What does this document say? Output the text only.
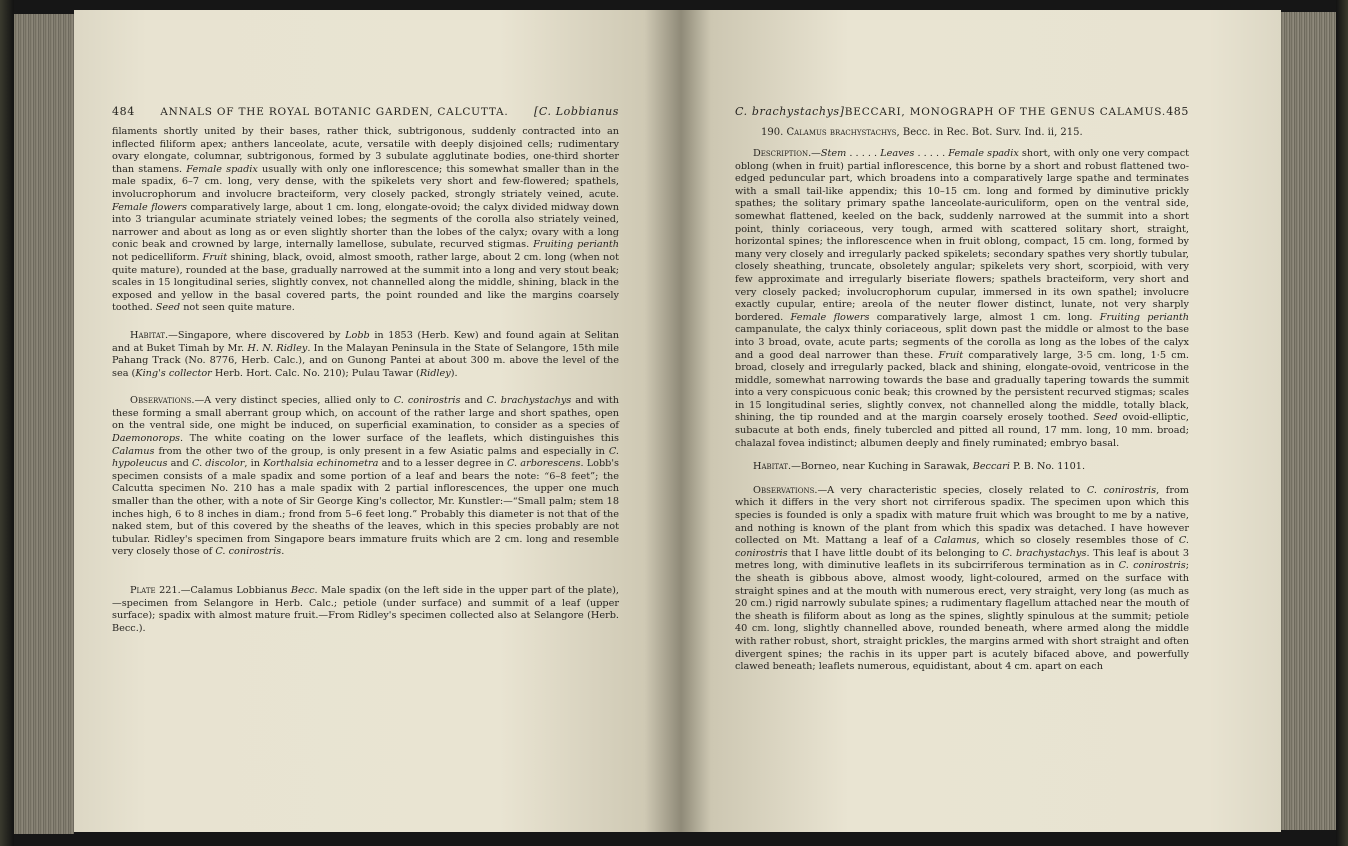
484 ANNALS OF THE ROYAL BOTANIC GARDEN, CALCUTTA. [C. Lobbianus

filaments shortly united by their bases, rather thick, subtrigonous, suddenly contracted into an inflected filiform apex; anthers lanceolate, acute, versatile with deeply disjoined cells; rudimentary ovary elongate, columnar, subtrigonous, formed by 3 subulate agglutinate bodies, one-third shorter than stamens. Female spadix usually with only one inflorescence; this somewhat smaller than in the male spadix, 6–7 cm. long, very dense, with the spikelets very short and few-flowered; spathels, involucrophorum and involucre bracteiform, very closely packed, strongly striately veined, acute. Female flowers comparatively large, about 1 cm. long, elongate-ovoid; the calyx divided midway down into 3 triangular acuminate striately veined lobes; the segments of the corolla also striately veined, narrower and about as long as or even slightly shorter than the lobes of the calyx; ovary with a long conic beak and crowned by large, internally lamellose, subulate, recurved stigmas. Fruiting perianth not pedicelliform. Fruit shining, black, ovoid, almost smooth, rather large, about 2 cm. long (when not quite mature), rounded at the base, gradually narrowed at the summit into a long and very stout beak; scales in 15 longitudinal series, slightly convex, not channelled along the middle, shining, black in the exposed and yellow in the basal covered parts, the point rounded and like the margins coarsely toothed. Seed not seen quite mature.

Habitat.—Singapore, where discovered by Lobb in 1853 (Herb. Kew) and found again at Selitan and at Buket Timah by Mr. H. N. Ridley. In the Malayan Peninsula in the State of Selangore, 15th mile Pahang Track (No. 8776, Herb. Calc.), and on Gunong Pantei at about 300 m. above the level of the sea (King's collector Herb. Hort. Calc. No. 210); Pulau Tawar (Ridley).

Observations.—A very distinct species, allied only to C. conirostris and C. brachystachys and with these forming a small aberrant group which, on account of the rather large and short spathes, open on the ventral side, one might be induced, on superficial examination, to consider as a species of Daemonorops. The white coating on the lower surface of the leaflets, which distinguishes this Calamus from the other two of the group, is only present in a few Asiatic palms and especially in C. hypoleucus and C. discolor, in Korthalsia echinometra and to a lesser degree in C. arborescens. Lobb's specimen consists of a male spadix and some portion of a leaf and bears the note: “6–8 feet”; the Calcutta specimen No. 210 has a male spadix with 2 partial inflorescences, the upper one much smaller than the other, with a note of Sir George King's collector, Mr. Kunstler:—“Small palm; stem 18 inches high, 6 to 8 inches in diam.; frond from 5–6 feet long.” Probably this diameter is not that of the naked stem, but of this covered by the sheaths of the leaves, which in this species probably are not tubular. Ridley's specimen from Singapore bears immature fruits which are 2 cm. long and resemble very closely those of C. conirostris.

Plate 221.—Calamus Lobbianus Becc. Male spadix (on the left side in the upper part of the plate),—specimen from Selangore in Herb. Calc.; petiole (under surface) and summit of a leaf (upper surface); spadix with almost mature fruit.—From Ridley's specimen collected also at Selangore (Herb. Becc.).

C. brachystachys] BECCARI, MONOGRAPH OF THE GENUS CALAMUS. 485
190. Calamus brachystachys, Becc. in Rec. Bot. Surv. Ind. ii, 215.

Description.—Stem . . . . . Leaves . . . . . Female spadix short, with only one very compact oblong (when in fruit) partial inflorescence, this borne by a short and robust flattened two-edged peduncular part, which broadens into a comparatively large spathe and terminates with a small tail-like appendix; this 10–15 cm. long and formed by diminutive prickly spathes; the solitary primary spathe lanceolate-auriculiform, open on the ventral side, somewhat flattened, keeled on the back, suddenly narrowed at the summit into a short point, thinly coriaceous, very tough, armed with scattered solitary short, straight, horizontal spines; the inflorescence when in fruit oblong, compact, 15 cm. long, formed by many very closely and irregularly packed spikelets; secondary spathes very shortly tubular, closely sheathing, truncate, obsoletely angular; spikelets very short, scorpioid, with very few approximate and irregularly biseriate flowers; spathels bracteiform, very short and very closely packed; involucrophorum cupular, immersed in its own spathel; involucre exactly cupular, entire; areola of the neuter flower distinct, lunate, not very sharply bordered. Female flowers comparatively large, almost 1 cm. long. Fruiting perianth campanulate, the calyx thinly coriaceous, split down past the middle or almost to the base into 3 broad, ovate, acute parts; segments of the corolla as long as the lobes of the calyx and a good deal narrower than these. Fruit comparatively large, 3·5 cm. long, 1·5 cm. broad, closely and irregularly packed, black and shining, elongate-ovoid, ventricose in the middle, somewhat narrowing towards the base and gradually tapering towards the summit into a very conspicuous conic beak; this crowned by the persistent recurved stigmas; scales in 15 longitudinal series, slightly convex, not channelled along the middle, totally black, shining, the tip rounded and at the margin coarsely erosely toothed. Seed ovoid-elliptic, subacute at both ends, finely tubercled and pitted all round, 17 mm. long, 10 mm. broad; chalazal fovea indistinct; albumen deeply and finely ruminated; embryo basal.

Habitat.—Borneo, near Kuching in Sarawak, Beccari P. B. No. 1101.

Observations.—A very characteristic species, closely related to C. conirostris, from which it differs in the very short not cirriferous spadix. The specimen upon which this species is founded is only a spadix with mature fruit which was brought to me by a native, and nothing is known of the plant from which this spadix was detached. I have however collected on Mt. Mattang a leaf of a Calamus, which so closely resembles those of C. conirostris that I have little doubt of its belonging to C. brachystachys. This leaf is about 3 metres long, with diminutive leaflets in its subcirriferous termination as in C. conirostris; the sheath is gibbous above, almost woody, light-coloured, armed on the surface with straight spines and at the mouth with numerous erect, very straight, very long (as much as 20 cm.) rigid narrowly subulate spines; a rudimentary flagellum attached near the mouth of the sheath is filiform about as long as the spines, slightly spinulous at the summit; petiole 40 cm. long, slightly channelled above, rounded beneath, where armed along the middle with rather robust, short, straight prickles, the margins armed with short straight and often divergent spines; the rachis in its upper part is acutely bifaced above, and powerfully clawed beneath; leaflets numerous, equidistant, about 4 cm. apart on each
